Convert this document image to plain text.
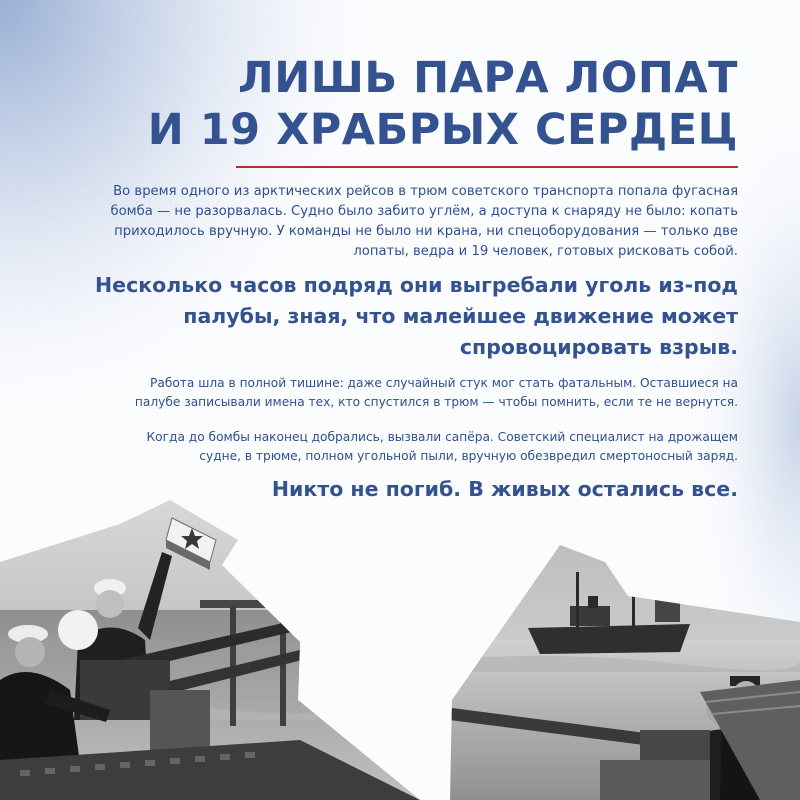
ЛИШЬ ПАРА ЛОПАТ
И 19 ХРАБРЫХ СЕРДЕЦ
Во время одного из арктических рейсов в трюм советского транспорта попала фугасная
бомба — не разорвалась. Судно было забито углём, а доступа к снаряду не было: копать
приходилось вручную. У команды не было ни крана, ни спецоборудования — только две
лопаты, ведра и 19 человек, готовых рисковать собой.
Несколько часов подряд они выгребали уголь из-под
палубы, зная, что малейшее движение может
спровоцировать взрыв.
Работа шла в полной тишине: даже случайный стук мог стать фатальным. Оставшиеся на
палубе записывали имена тех, кто спустился в трюм — чтобы помнить, если те не вернутся.
Когда до бомбы наконец добрались, вызвали сапёра. Советский специалист на дрожащем
судне, в трюме, полном угольной пыли, вручную обезвредил смертоносный заряд.
Никто не погиб. В живых остались все.
